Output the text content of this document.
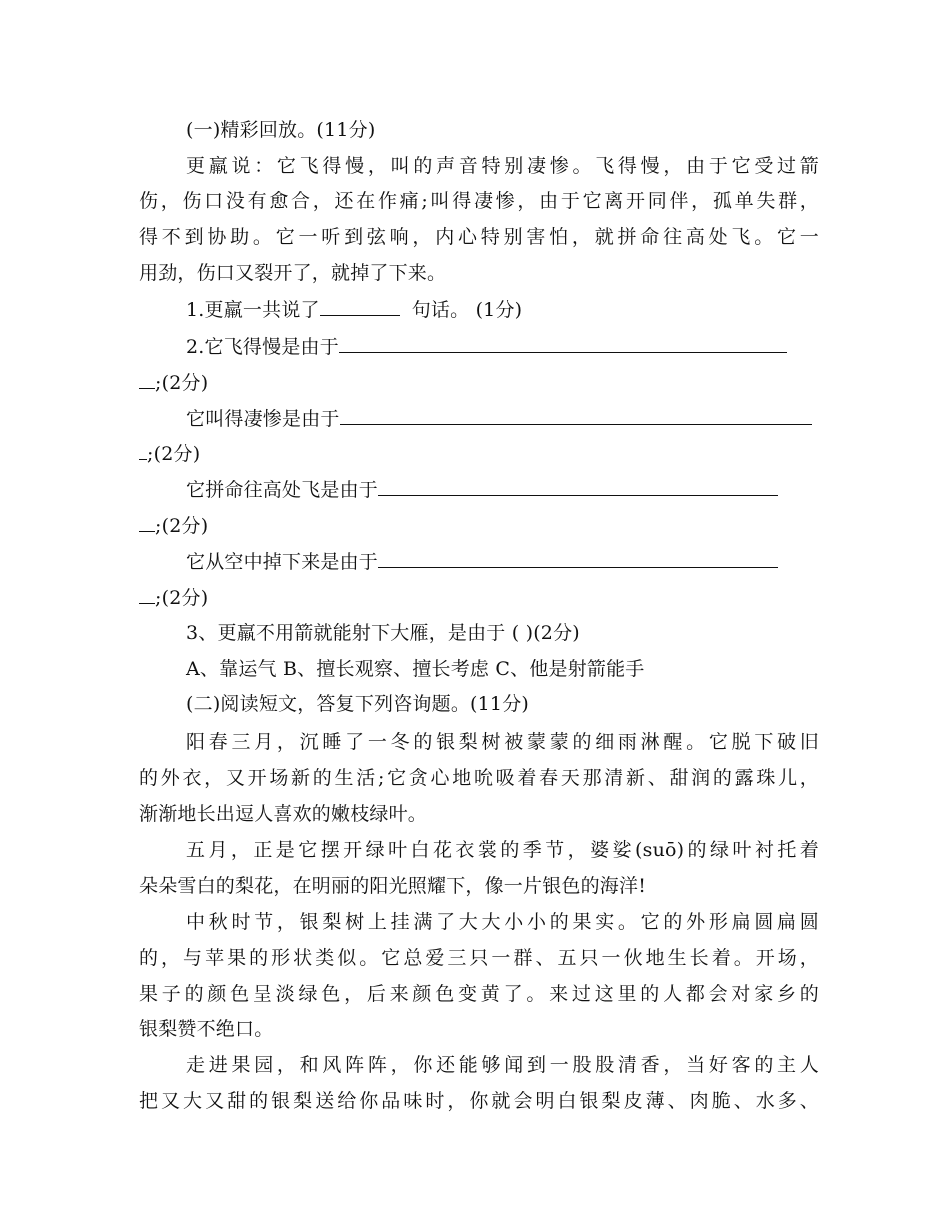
(一)精彩回放。(11分)
更羸说：它飞得慢，叫的声音特别凄惨。飞得慢，由于它受过箭
伤，伤口没有愈合，还在作痛;叫得凄惨，由于它离开同伴，孤单失群，
得不到协助。它一听到弦响，内心特别害怕，就拼命往高处飞。它一
用劲，伤口又裂开了，就掉了下来。
1.更羸一共说了	句话。 (1分)
2.它飞得慢是由于
;(2分)
它叫得凄惨是由于
;(2分)
它拼命往高处飞是由于
;(2分)
它从空中掉下来是由于
;(2分)
3、更羸不用箭就能射下大雁，是由于 ( )(2分)
A、靠运气 B、擅长观察、擅长考虑 C、他是射箭能手
(二)阅读短文，答复下列咨询题。(11分)
阳春三月，沉睡了一冬的银梨树被蒙蒙的细雨淋醒。它脱下破旧
的外衣，又开场新的生活;它贪心地吮吸着春天那清新、甜润的露珠儿，
渐渐地长出逗人喜欢的嫩枝绿叶。
五月，正是它摆开绿叶白花衣裳的季节，婆娑(suō)的绿叶衬托着
朵朵雪白的梨花，在明丽的阳光照耀下，像一片银色的海洋!
中秋时节，银梨树上挂满了大大小小的果实。它的外形扁圆扁圆
的，与苹果的形状类似。它总爱三只一群、五只一伙地生长着。开场，
果子的颜色呈淡绿色，后来颜色变黄了。来过这里的人都会对家乡的
银梨赞不绝口。
走进果园，和风阵阵，你还能够闻到一股股清香，当好客的主人
把又大又甜的银梨送给你品味时，你就会明白银梨皮薄、肉脆、水多、
